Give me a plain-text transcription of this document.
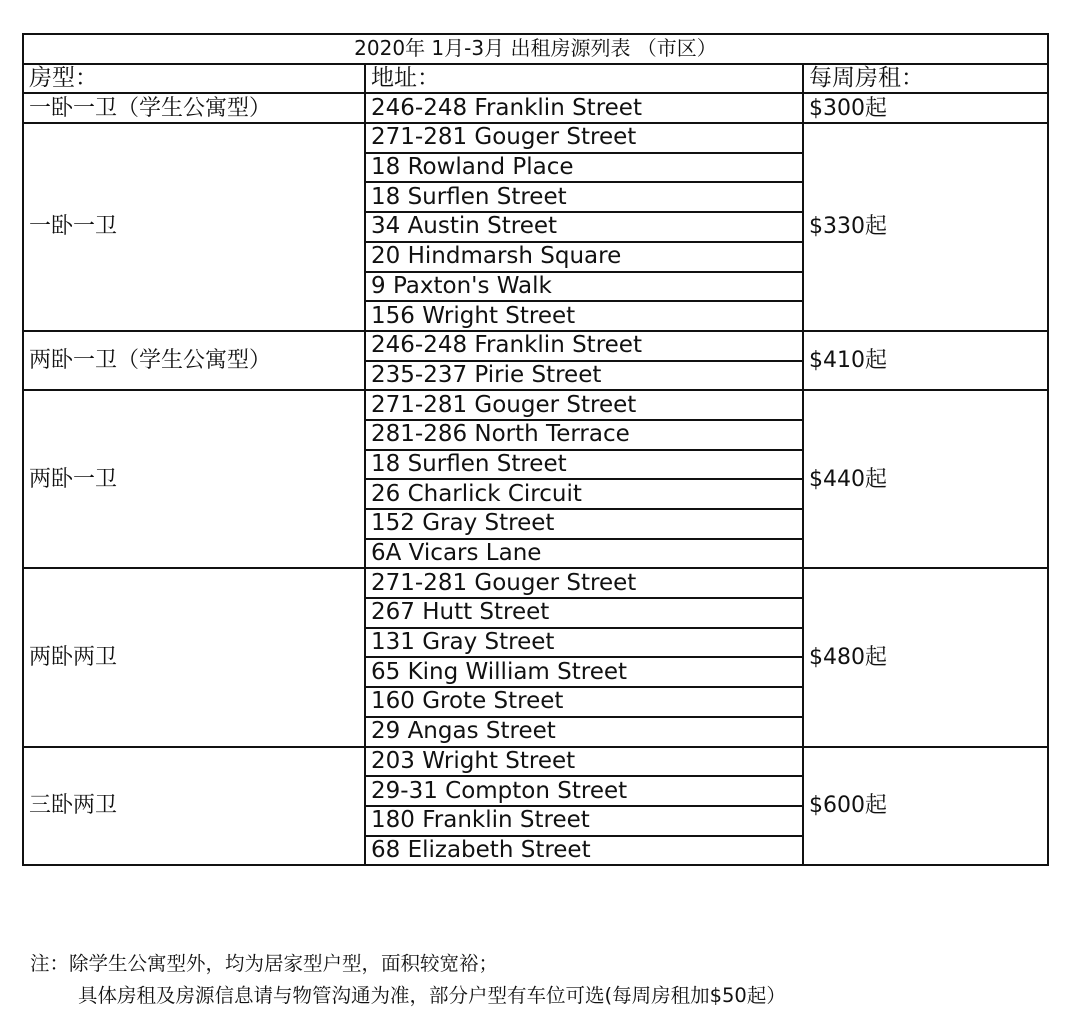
2020年 1月-3月 出租房源列表 （市区）		
房型：	地址：	每周房租：
一卧一卫（学生公寓型）	246-248 Franklin Street	$300起
一卧一卫	271-281 Gouger Street	$330起
	18 Rowland Place	
	18 Surflen Street	
	34 Austin Street	
	20 Hindmarsh Square	
	9 Paxton's Walk	
	156 Wright Street	
两卧一卫（学生公寓型）	246-248 Franklin Street	$410起
	235-237 Pirie Street	
两卧一卫	271-281 Gouger Street	$440起
	281-286 North Terrace	
	18 Surflen Street	
	26 Charlick Circuit	
	152 Gray Street	
	6A Vicars Lane	
两卧两卫	271-281 Gouger Street	$480起
	267 Hutt Street	
	131 Gray Street	
	65 King William Street	
	160 Grote Street	
	29 Angas Street	
三卧两卫	203 Wright Street	$600起
	29-31 Compton Street	
	180 Franklin Street	
	68 Elizabeth Street	
注：除学生公寓型外，均为居家型户型，面积较宽裕；
具体房租及房源信息请与物管沟通为准，部分户型有车位可选(每周房租加$50起）
